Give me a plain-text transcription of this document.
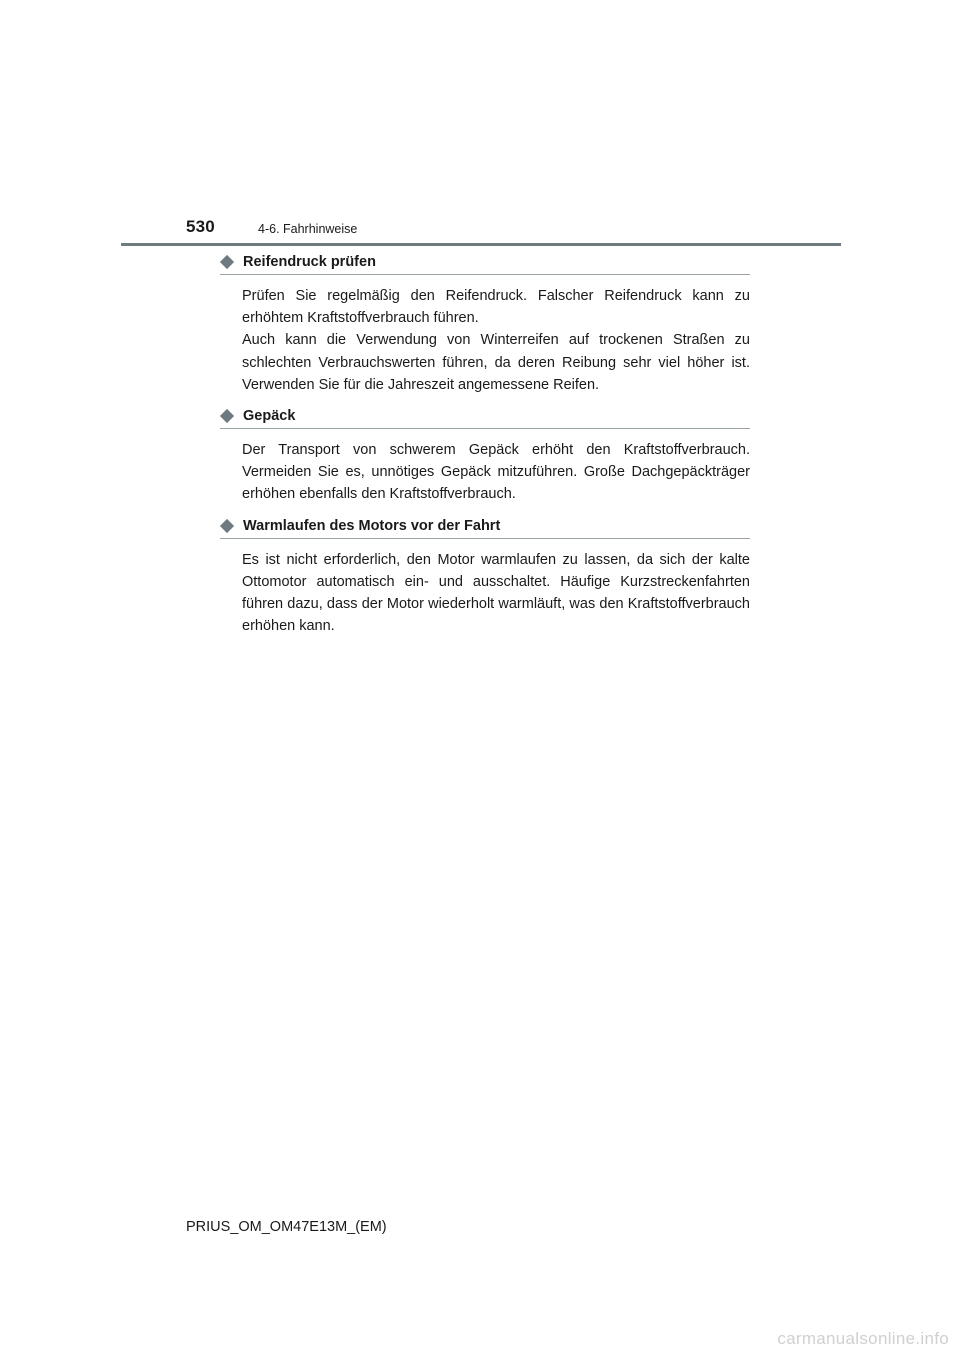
530	4-6. Fahrhinweise
Reifendruck prüfen

Prüfen Sie regelmäßig den Reifendruck. Falscher Reifendruck kann zu erhöhtem Kraftstoffverbrauch führen.

Auch kann die Verwendung von Winterreifen auf trockenen Straßen zu schlechten Verbrauchswerten führen, da deren Reibung sehr viel höher ist. Verwenden Sie für die Jahreszeit angemessene Reifen.

Gepäck

Der Transport von schwerem Gepäck erhöht den Kraftstoffverbrauch. Vermeiden Sie es, unnötiges Gepäck mitzuführen. Große Dachgepäckträger erhöhen ebenfalls den Kraftstoffverbrauch.

Warmlaufen des Motors vor der Fahrt

Es ist nicht erforderlich, den Motor warmlaufen zu lassen, da sich der kalte Ottomotor automatisch ein- und ausschaltet. Häufige Kurzstreckenfahrten führen dazu, dass der Motor wiederholt warmläuft, was den Kraftstoffverbrauch erhöhen kann.

PRIUS_OM_OM47E13M_(EM)
carmanualsonline.info
